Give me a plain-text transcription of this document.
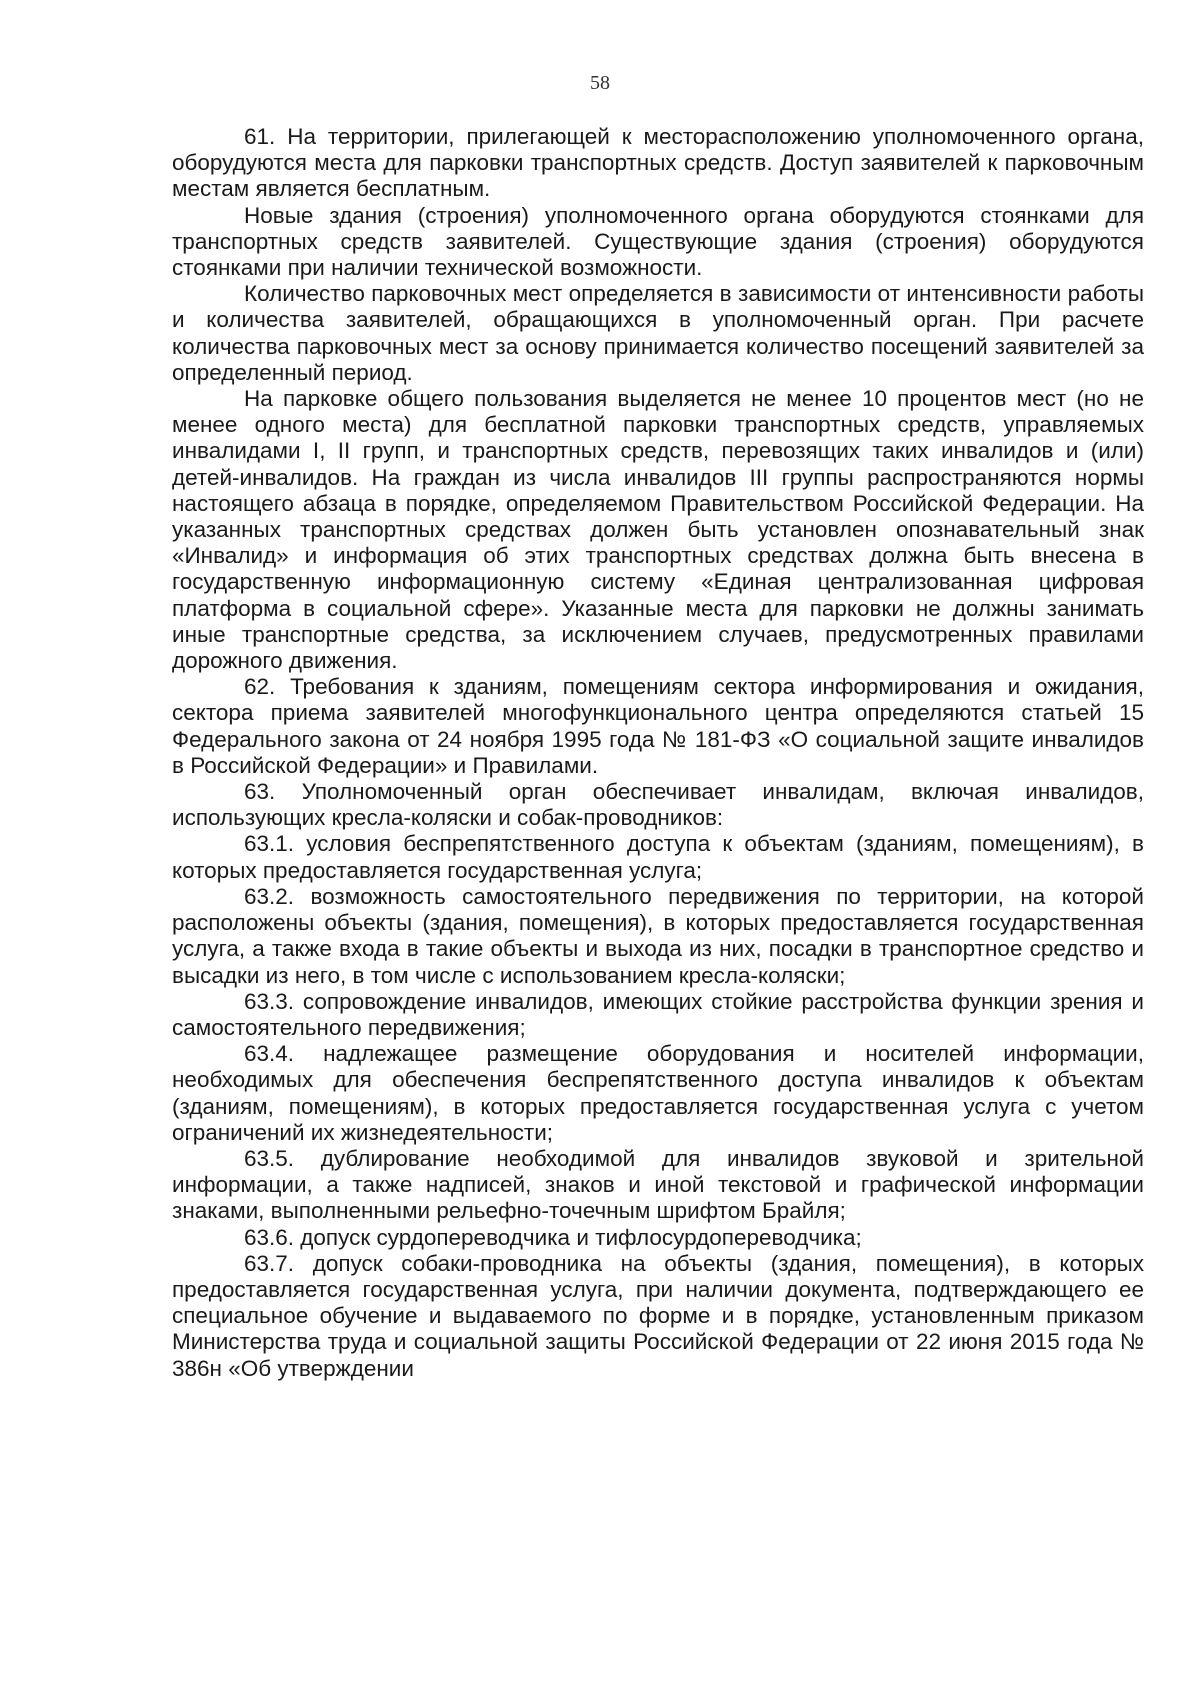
58

61. На территории, прилегающей к месторасположению уполномоченного органа, оборудуются места для парковки транспортных средств. Доступ заявителей к парковочным местам является бесплатным.

Новые здания (строения) уполномоченного органа оборудуются стоянками для транспортных средств заявителей. Существующие здания (строения) оборудуются стоянками при наличии технической возможности.

Количество парковочных мест определяется в зависимости от интенсивности работы и количества заявителей, обращающихся в уполномоченный орган. При расчете количества парковочных мест за основу принимается количество посещений заявителей за определенный период.

На парковке общего пользования выделяется не менее 10 процентов мест (но не менее одного места) для бесплатной парковки транспортных средств, управляемых инвалидами I, II групп, и транспортных средств, перевозящих таких инвалидов и (или) детей-инвалидов. На граждан из числа инвалидов III группы распространяются нормы настоящего абзаца в порядке, определяемом Правительством Российской Федерации. На указанных транспортных средствах должен быть установлен опознавательный знак «Инвалид» и информация об этих транспортных средствах должна быть внесена в государственную информационную систему «Единая централизованная цифровая платформа в социальной сфере». Указанные места для парковки не должны занимать иные транспортные средства, за исключением случаев, предусмотренных правилами дорожного движения.

62. Требования к зданиям, помещениям сектора информирования и ожидания, сектора приема заявителей многофункционального центра определяются статьей 15 Федерального закона от 24 ноября 1995 года № 181-ФЗ «О социальной защите инвалидов в Российской Федерации» и Правилами.

63. Уполномоченный орган обеспечивает инвалидам, включая инвалидов, использующих кресла-коляски и собак-проводников:

63.1. условия беспрепятственного доступа к объектам (зданиям, помещениям), в которых предоставляется государственная услуга;

63.2. возможность самостоятельного передвижения по территории, на которой расположены объекты (здания, помещения), в которых предоставляется государственная услуга, а также входа в такие объекты и выхода из них, посадки в транспортное средство и высадки из него, в том числе с использованием кресла-коляски;

63.3. сопровождение инвалидов, имеющих стойкие расстройства функции зрения и самостоятельного передвижения;

63.4. надлежащее размещение оборудования и носителей информации, необходимых для обеспечения беспрепятственного доступа инвалидов к объектам (зданиям, помещениям), в которых предоставляется государственная услуга с учетом ограничений их жизнедеятельности;

63.5. дублирование необходимой для инвалидов звуковой и зрительной информации, а также надписей, знаков и иной текстовой и графической информации знаками, выполненными рельефно-точечным шрифтом Брайля;

63.6. допуск сурдопереводчика и тифлосурдопереводчика;

63.7. допуск собаки-проводника на объекты (здания, помещения), в которых предоставляется государственная услуга, при наличии документа, подтверждающего ее специальное обучение и выдаваемого по форме и в порядке, установленным приказом Министерства труда и социальной защиты Российской Федерации от 22 июня 2015 года № 386н «Об утверждении
